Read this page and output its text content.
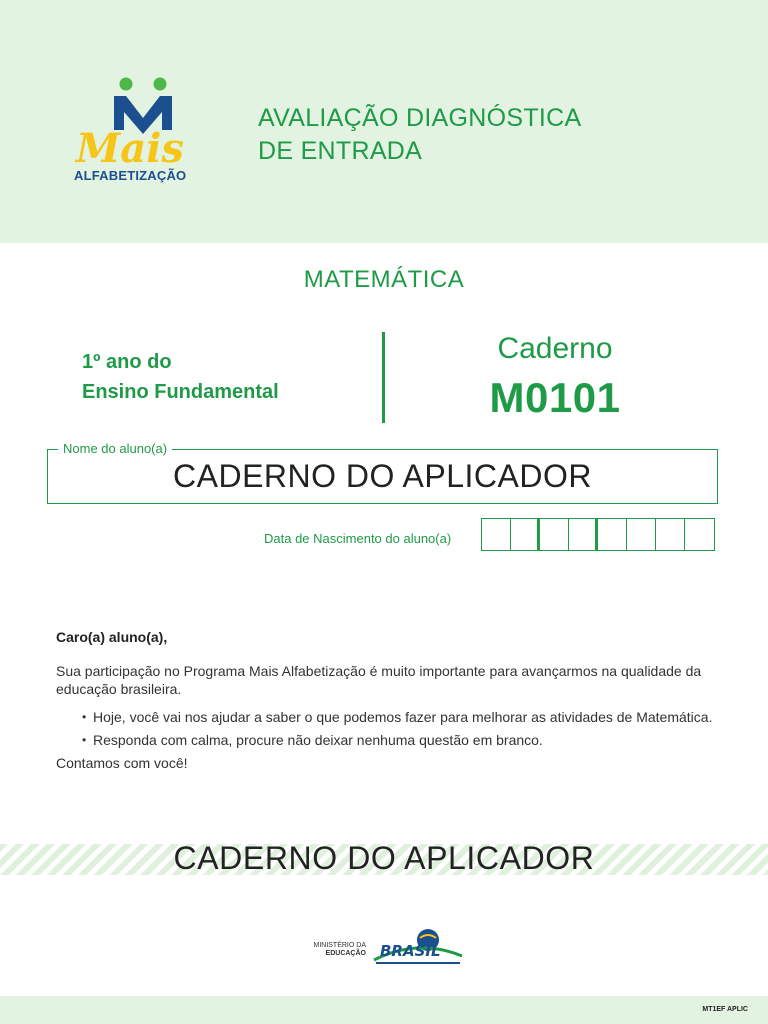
Mais
ALFABETIZAÇÃO
AVALIAÇÃO DIAGNÓSTICA
DE ENTRADA
MATEMÁTICA
1º ano do
Ensino Fundamental
Caderno
M0101
Nome do aluno(a)
CADERNO DO APLICADOR
Data de Nascimento do aluno(a)
Caro(a) aluno(a),
Sua participação no Programa Mais Alfabetização é muito importante para avançarmos na qualidade da educação brasileira.
• Hoje, você vai nos ajudar a saber o que podemos fazer para melhorar as atividades de Matemática.
• Responda com calma, procure não deixar nenhuma questão em branco.
Contamos com você!
CADERNO DO APLICADOR
MINISTÉRIO DA
EDUCAÇÃO BRASIL
MT1EF APLIC
